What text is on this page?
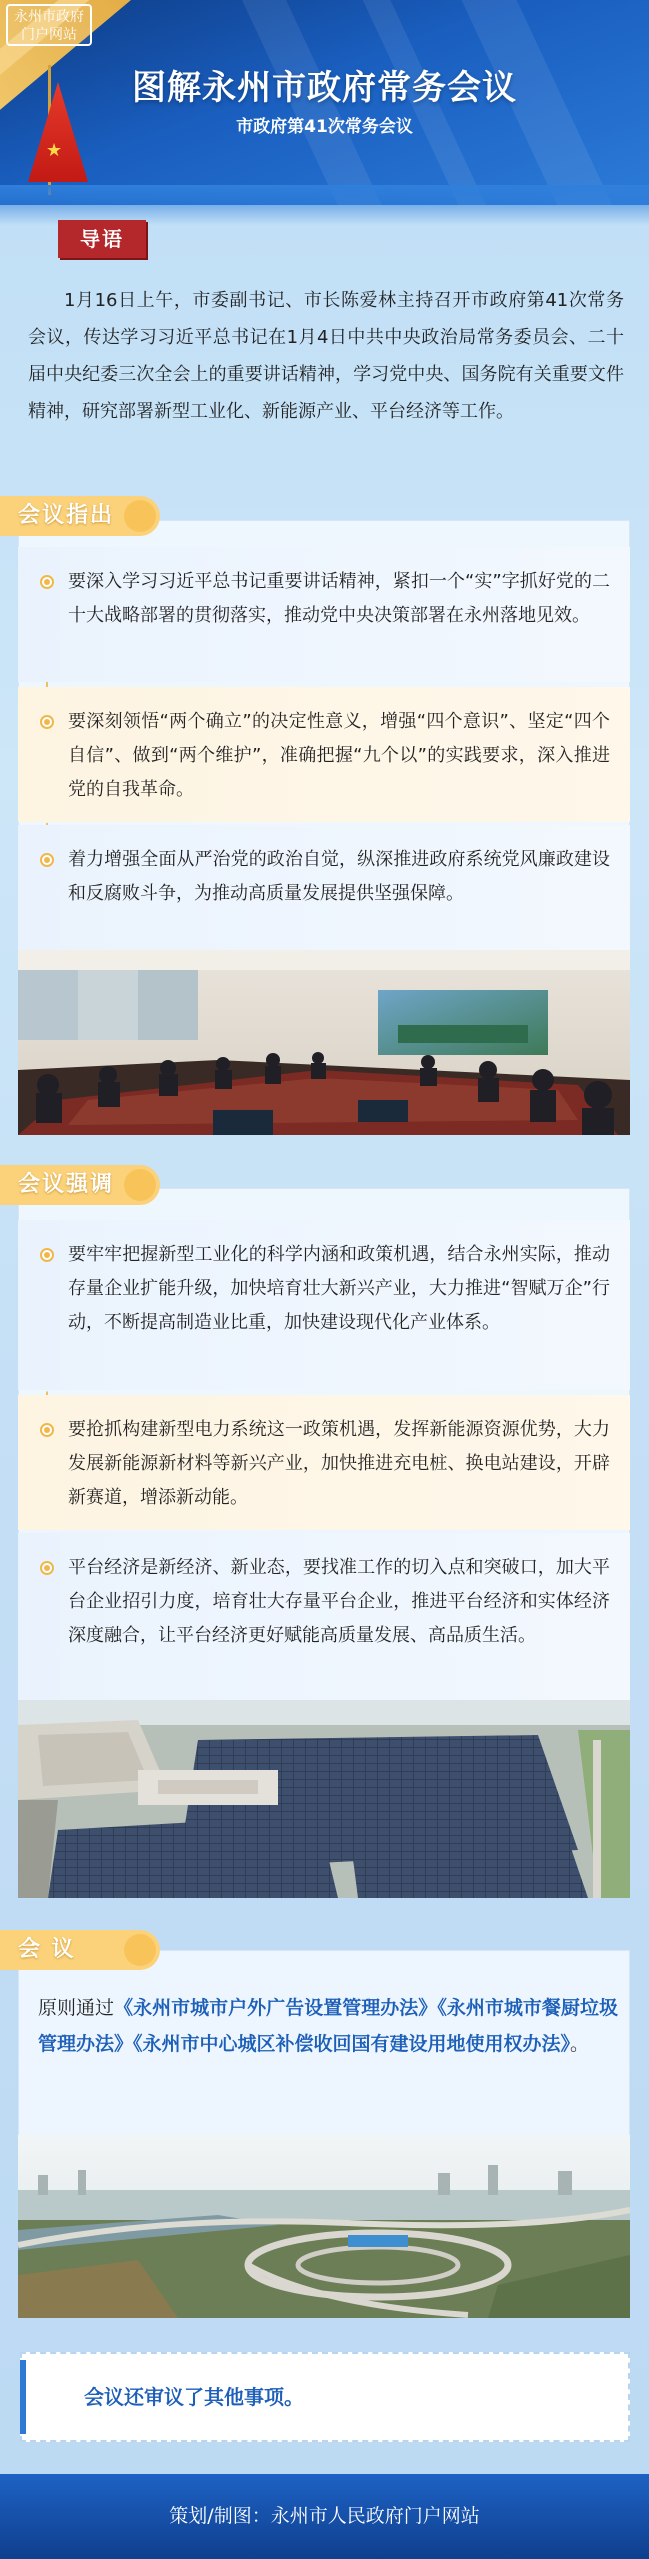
永州市政府
门户网站
★
图解永州市政府常务会议
市政府第41次常务会议
导语
1月16日上午，市委副书记、市长陈爱林主持召开市政府第41次常务会议，传达学习习近平总书记在1月4日中共中央政治局常务委员会、二十届中央纪委三次全会上的重要讲话精神，学习党中央、国务院有关重要文件精神，研究部署新型工业化、新能源产业、平台经济等工作。
会议指出
要深入学习习近平总书记重要讲话精神，紧扣一个“实”字抓好党的二十大战略部署的贯彻落实，推动党中央决策部署在永州落地见效。
要深刻领悟“两个确立”的决定性意义，增强“四个意识”、坚定“四个自信”、做到“两个维护”，准确把握“九个以”的实践要求，深入推进党的自我革命。
着力增强全面从严治党的政治自觉，纵深推进政府系统党风廉政建设和反腐败斗争，为推动高质量发展提供坚强保障。
会议强调
要牢牢把握新型工业化的科学内涵和政策机遇，结合永州实际，推动存量企业扩能升级，加快培育壮大新兴产业，大力推进“智赋万企”行动，不断提高制造业比重，加快建设现代化产业体系。
要抢抓构建新型电力系统这一政策机遇，发挥新能源资源优势，大力发展新能源新材料等新兴产业，加快推进充电桩、换电站建设，开辟新赛道，增添新动能。
平台经济是新经济、新业态，要找准工作的切入点和突破口，加大平台企业招引力度，培育壮大存量平台企业，推进平台经济和实体经济深度融合，让平台经济更好赋能高质量发展、高品质生活。
会 议
原则通过《永州市城市户外广告设置管理办法》《永州市城市餐厨垃圾管理办法》《永州市中心城区补偿收回国有建设用地使用权办法》。
会议还审议了其他事项。
策划/制图：永州市人民政府门户网站
